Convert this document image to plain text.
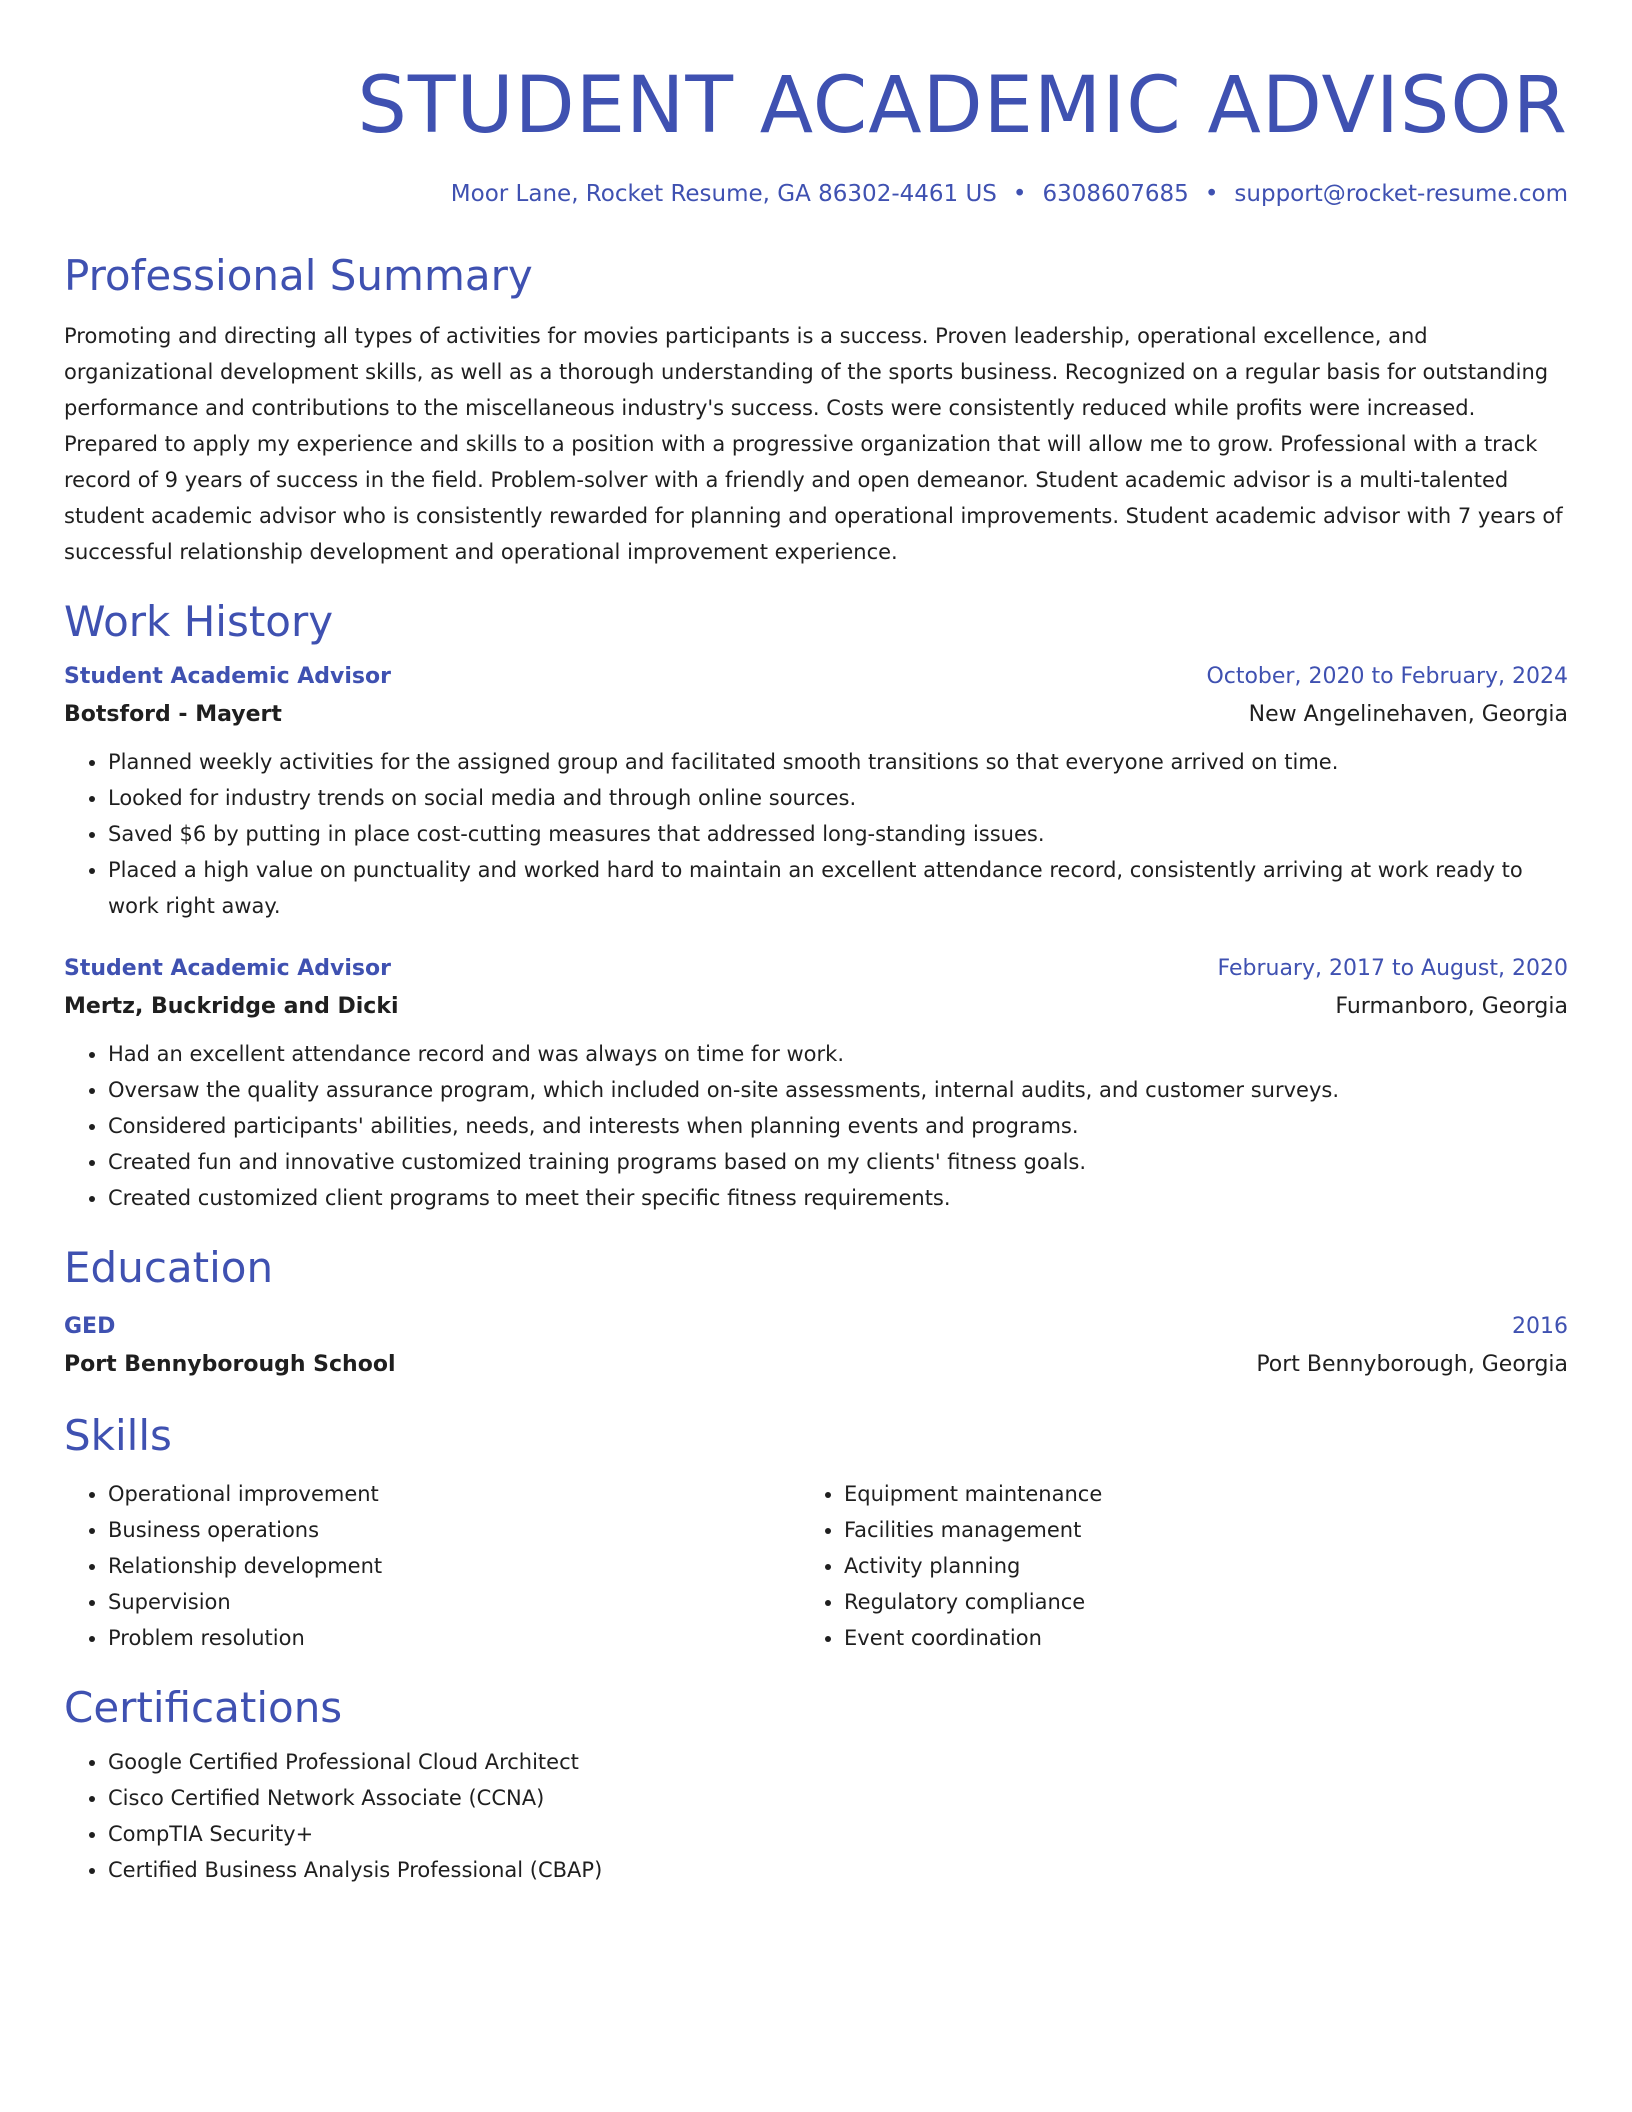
STUDENT ACADEMIC ADVISOR
Moor Lane, Rocket Resume, GA 86302-4461 US • 6308607685 • support@rocket-resume.com
Professional Summary
Promoting and directing all types of activities for movies participants is a success. Proven leadership, operational excellence, and organizational development skills, as well as a thorough understanding of the sports business. Recognized on a regular basis for outstanding performance and contributions to the miscellaneous industry's success. Costs were consistently reduced while profits were increased. Prepared to apply my experience and skills to a position with a progressive organization that will allow me to grow. Professional with a track record of 9 years of success in the field. Problem-solver with a friendly and open demeanor. Student academic advisor is a multi-talented student academic advisor who is consistently rewarded for planning and operational improvements. Student academic advisor with 7 years of successful relationship development and operational improvement experience.
Work History
Student Academic Advisor	October, 2020 to February, 2024
Botsford - Mayert	New Angelinehaven, Georgia
• Planned weekly activities for the assigned group and facilitated smooth transitions so that everyone arrived on time.
• Looked for industry trends on social media and through online sources.
• Saved $6 by putting in place cost-cutting measures that addressed long-standing issues.
• Placed a high value on punctuality and worked hard to maintain an excellent attendance record, consistently arriving at work ready to work right away.
Student Academic Advisor	February, 2017 to August, 2020
Mertz, Buckridge and Dicki	Furmanboro, Georgia
• Had an excellent attendance record and was always on time for work.
• Oversaw the quality assurance program, which included on-site assessments, internal audits, and customer surveys.
• Considered participants' abilities, needs, and interests when planning events and programs.
• Created fun and innovative customized training programs based on my clients' fitness goals.
• Created customized client programs to meet their specific fitness requirements.
Education
GED	2016
Port Bennyborough School	Port Bennyborough, Georgia
Skills
• Operational improvement
• Business operations
• Relationship development
• Supervision
• Problem resolution
• Equipment maintenance
• Facilities management
• Activity planning
• Regulatory compliance
• Event coordination
Certifications
• Google Certified Professional Cloud Architect
• Cisco Certified Network Associate (CCNA)
• CompTIA Security+
• Certified Business Analysis Professional (CBAP)
